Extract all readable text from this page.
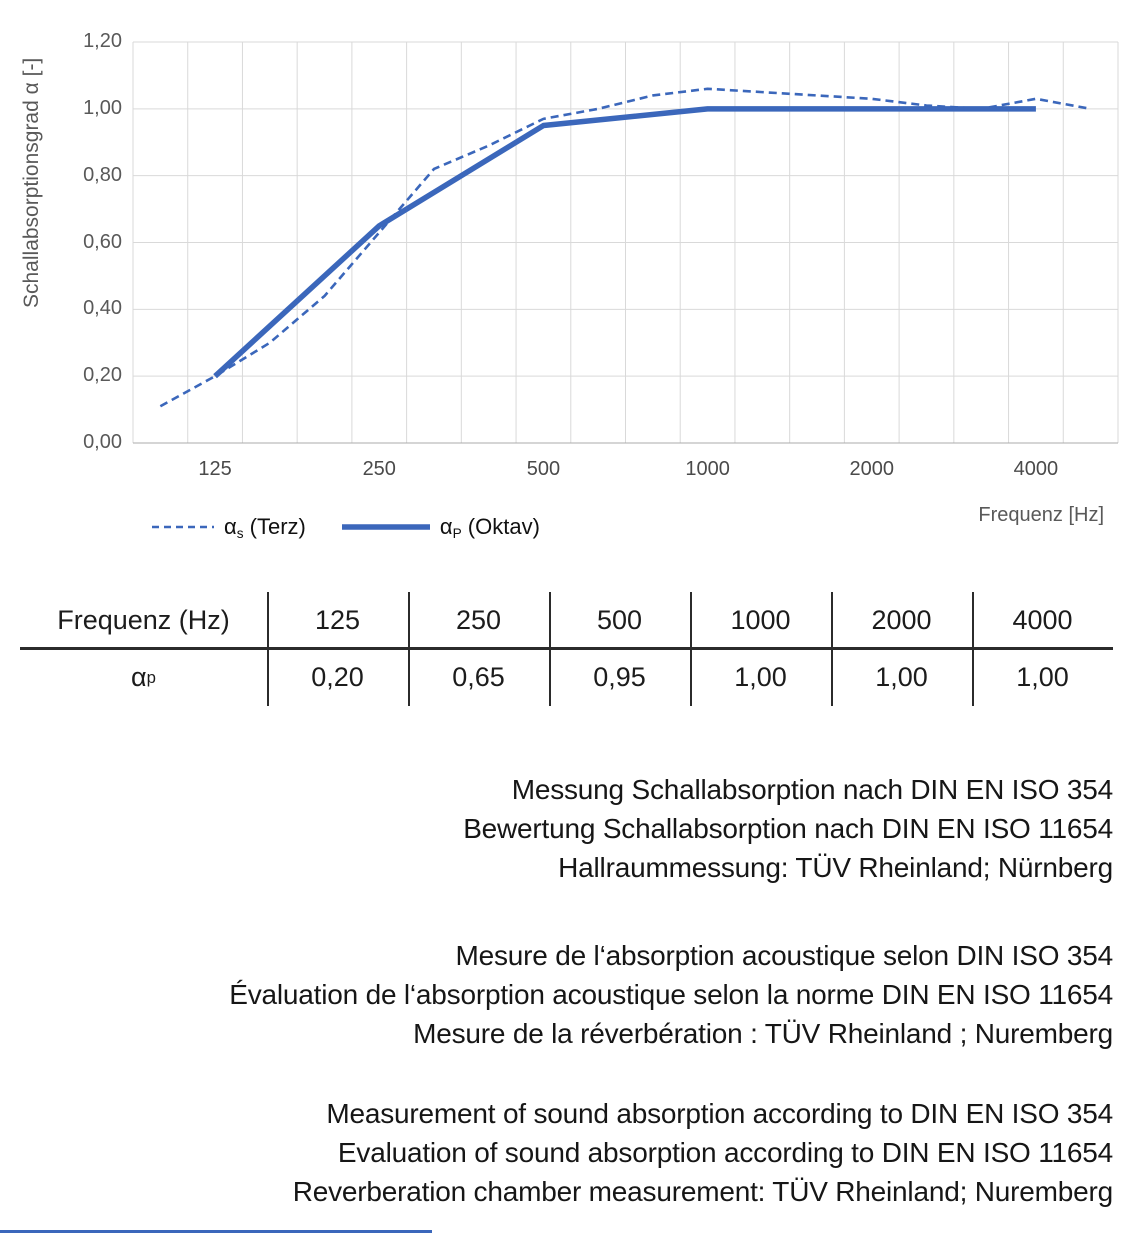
Schallabsorptionsgrad α [-]
1,20
1,00
0,80
0,60
0,40
0,20
0,00
125	250	500	1000	2000	4000
Frequenz [Hz]
$\alpha_s$ (Terz)	$\alpha_P$ (Oktav)
Frequenz (Hz)	125	250	500	1000	2000	4000
α p	0,20	0,65	0,95	1,00	1,00	1,00
Messung Schallabsorption nach DIN EN ISO 354
Bewertung Schallabsorption nach DIN EN ISO 11654
Hallraummessung: TÜV Rheinland; Nürnberg
Mesure de l‘absorption acoustique selon DIN ISO 354
Évaluation de l‘absorption acoustique selon la norme DIN EN ISO 11654
Mesure de la réverbération : TÜV Rheinland ; Nuremberg
Measurement of sound absorption according to DIN EN ISO 354
Evaluation of sound absorption according to DIN EN ISO 11654
Reverberation chamber measurement: TÜV Rheinland; Nuremberg
